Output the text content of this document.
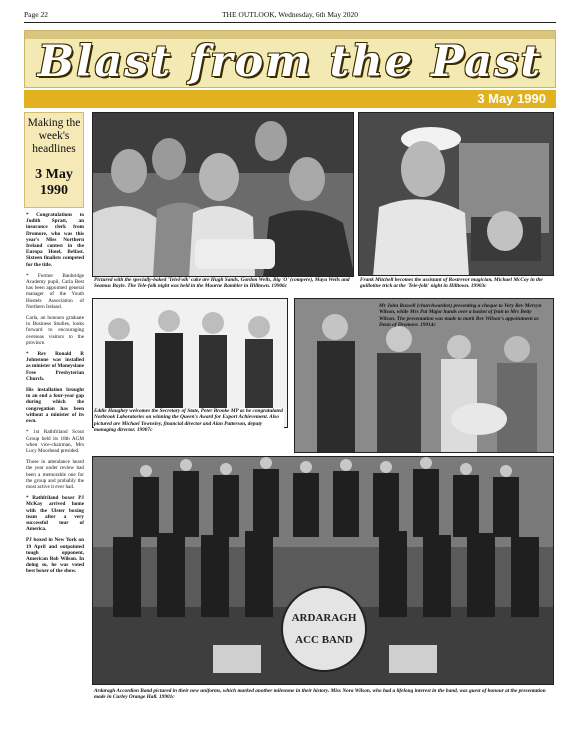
Page 22	THE OUTLOOK, Wednesday, 6th May 2020
Blast from the Past
3 May 1990
Making the week's headlines
3 May 1990
* Congratulations to Judith Spratt, an insurance clerk from Dromore, who was this year's Miss Northern Ireland contest in the Europa Hotel, Belfast. Sixteen finalists competed for the title.
* Former Banbridge Academy pupil, Carla Best has been appointed general manager of the Youth Hostels Association of Northern Ireland.
Carla, an honours graduate in Business Studies, looks forward to encouraging overseas visitors to the province.
* Rev Ronald R Johnstone was installed as minister of Moneyslane Free Presbyterian Church.
His installation brought to an end a four-year gap during which the congregation has been without a minister of its own.
* 1st Rathfriland Scout Group held its 18th AGM when vice-chairman, Mrs Lucy Moorhead presided.
Those in attendance heard the year under review had been a memorable one for the group and probably the most active it ever had.
* Rathfriland boxer PJ McKay arrived home with the Ulster boxing team after a very successful tour of America.
PJ boxed in New York on 19 April and outpointed tough opponent, American Bob Wilson. In doing so, he was voted best boxer of the show.
Pictured with the specially-baked 'TeleFolk' cake are Hugh Sands, Gordon Wells, Big 'O' (compere), Maya Wells and Seamus Boyle. The Tele-folk night was held in the Mourne Rambler in Hilltown. 19906c
Frank Mitchell becomes the assistant of Rostrevor magician, Michael McCoy in the guillotine trick at the 'Tele-folk' night in Hilltown. 19903c
Eddie Haughey welcomes the Secretary of State, Peter Brooke MP as he congratulated Norbrook Laboratories on winning the Queen's Award for Export Achievement. Also pictured are Michael Townsley, financial director and Alan Patterson, deputy managing director. 19907c
Mr John Russell (churchwarden) presenting a cheque to Very Rev Mervyn Wilson, while Mrs Pat Major hands over a basket of fruit to Mrs Betty Wilson. The presentation was made to mark Rev Wilson's appointment as Dean of Dromore. 19914c
ARDARAGH
ACC BAND
Ardaragh Accordion Band pictured in their new uniforms, which marked another milestone in their history. Miss Nora Wilson, who had a lifelong interest in the band, was guest of honour at the presentation made in Curley Orange Hall. 19901c
